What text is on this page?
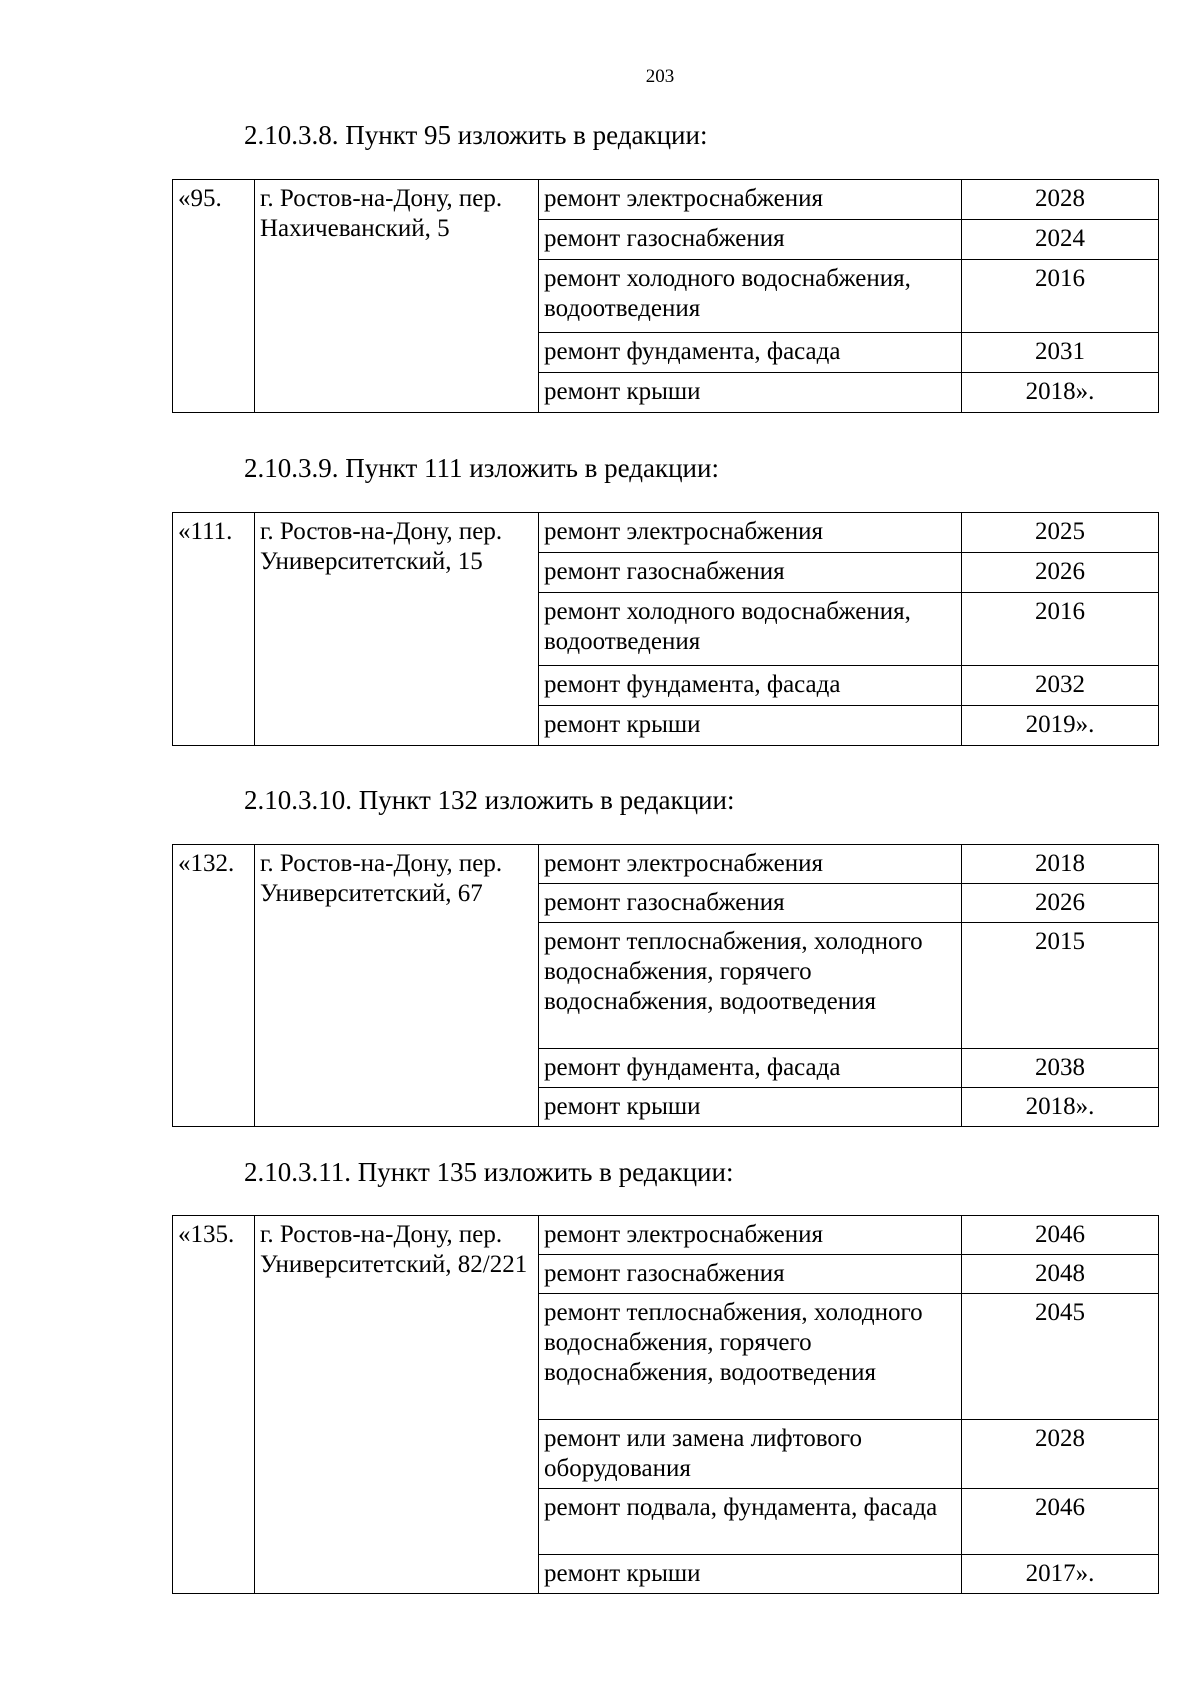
203
2.10.3.8. Пункт 95 изложить в редакции:
«95.	г. Ростов-на-Дону, пер. Нахичеванский, 5	ремонт электроснабжения	2028
		ремонт газоснабжения	2024
		ремонт холодного водоснабжения, водоотведения	2016
		ремонт фундамента, фасада	2031
		ремонт крыши	2018».
2.10.3.9. Пункт 111 изложить в редакции:
«111.	г. Ростов-на-Дону, пер. Университетский, 15	ремонт электроснабжения	2025
		ремонт газоснабжения	2026
		ремонт холодного водоснабжения, водоотведения	2016
		ремонт фундамента, фасада	2032
		ремонт крыши	2019».
2.10.3.10. Пункт 132 изложить в редакции:
«132.	г. Ростов-на-Дону, пер. Университетский, 67	ремонт электроснабжения	2018
		ремонт газоснабжения	2026
		ремонт теплоснабжения, холодного водоснабжения, горячего водоснабжения, водоотведения	2015
		ремонт фундамента, фасада	2038
		ремонт крыши	2018».
2.10.3.11. Пункт 135 изложить в редакции:
«135.	г. Ростов-на-Дону, пер. Университетский, 82/221	ремонт электроснабжения	2046
		ремонт газоснабжения	2048
		ремонт теплоснабжения, холодного водоснабжения, горячего водоснабжения, водоотведения	2045
		ремонт или замена лифтового оборудования	2028
		ремонт подвала, фундамента, фасада	2046
		ремонт крыши	2017».
